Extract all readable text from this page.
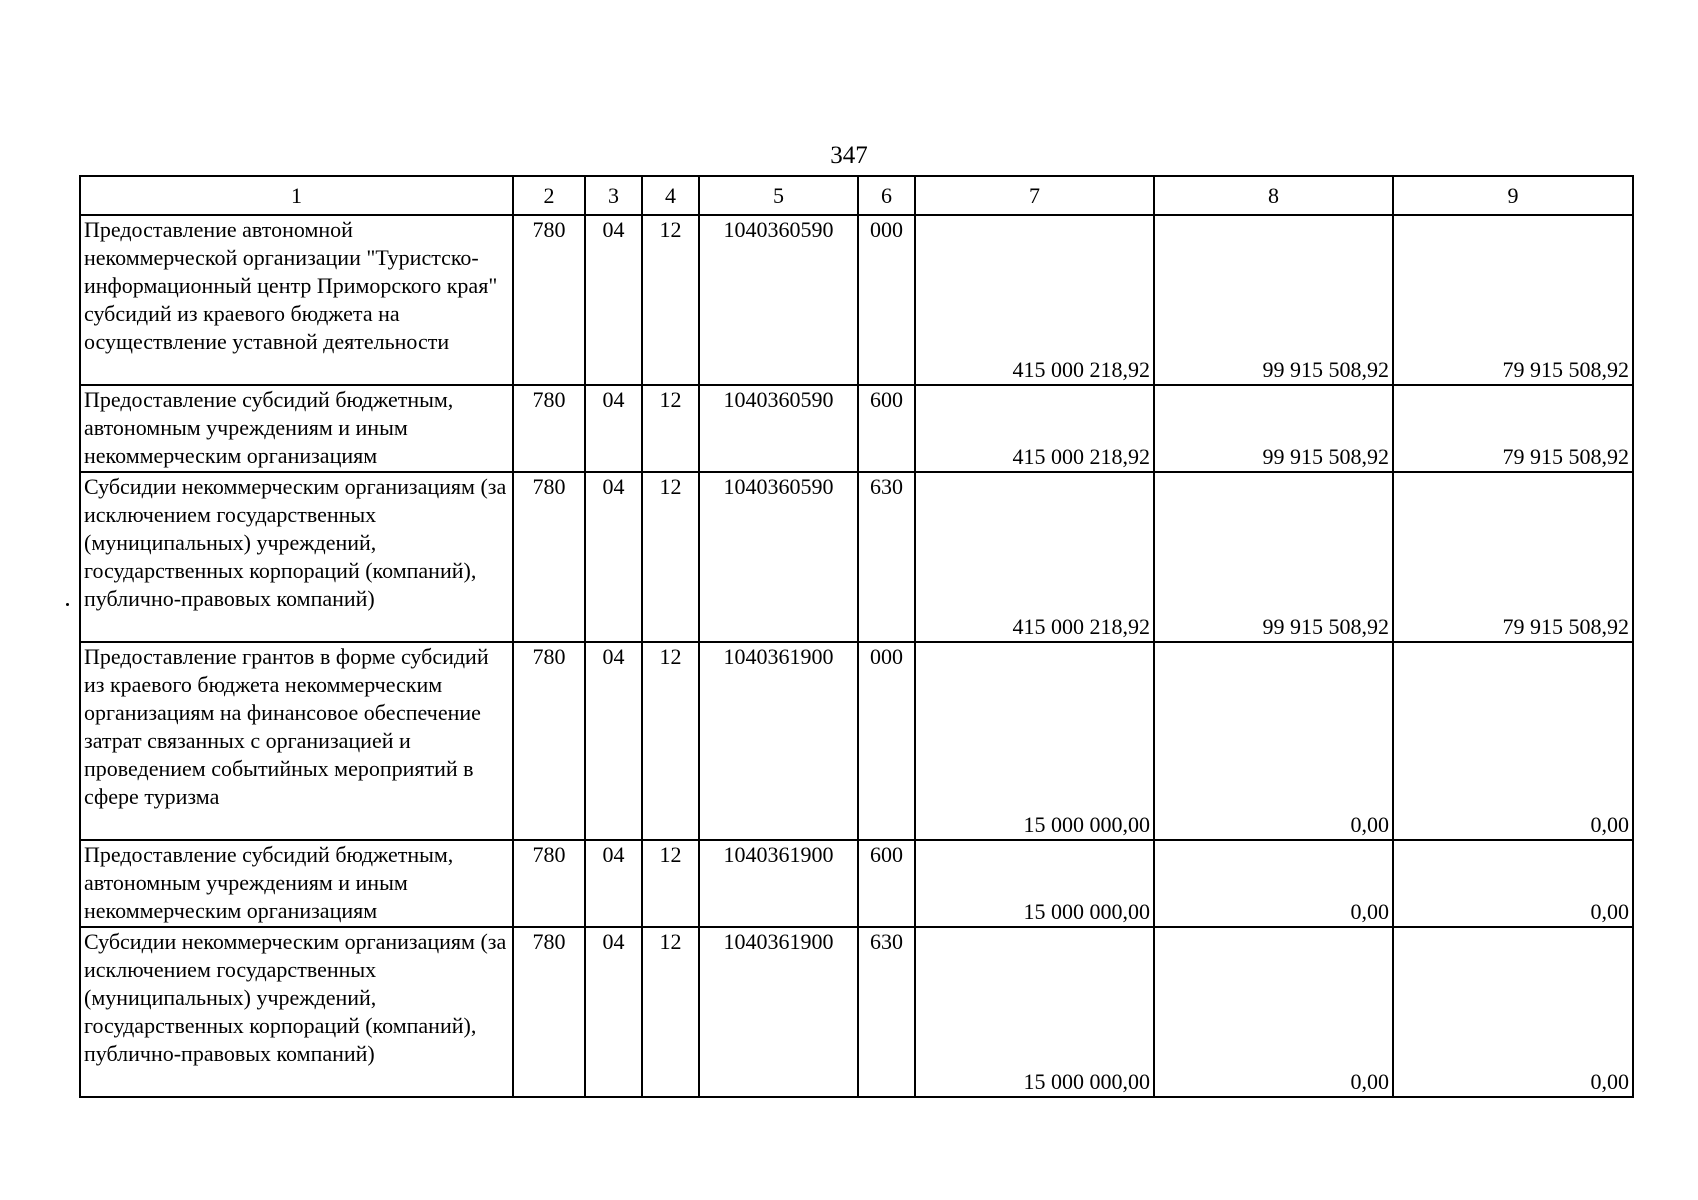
347
1	2	3	4	5	6	7	8	9
Предоставление автономной некоммерческой организации "Туристско-информационный центр Приморского края" субсидий из краевого бюджета на осуществление уставной деятельности	780	04	12	1040360590	000	415 000 218,92	99 915 508,92	79 915 508,92
Предоставление субсидий бюджетным, автономным учреждениям и иным некоммерческим организациям	780	04	12	1040360590	600	415 000 218,92	99 915 508,92	79 915 508,92
Субсидии некоммерческим организациям (за исключением государственных (муниципальных) учреждений, государственных корпораций (компаний), публично-правовых компаний)	780	04	12	1040360590	630	415 000 218,92	99 915 508,92	79 915 508,92
Предоставление грантов в форме субсидий из краевого бюджета некоммерческим организациям на финансовое обеспечение затрат связанных с организацией и проведением событийных мероприятий в сфере туризма	780	04	12	1040361900	000	15 000 000,00	0,00	0,00
Предоставление субсидий бюджетным, автономным учреждениям и иным некоммерческим организациям	780	04	12	1040361900	600	15 000 000,00	0,00	0,00
Субсидии некоммерческим организациям (за исключением государственных (муниципальных) учреждений, государственных корпораций (компаний), публично-правовых компаний)	780	04	12	1040361900	630	15 000 000,00	0,00	0,00
